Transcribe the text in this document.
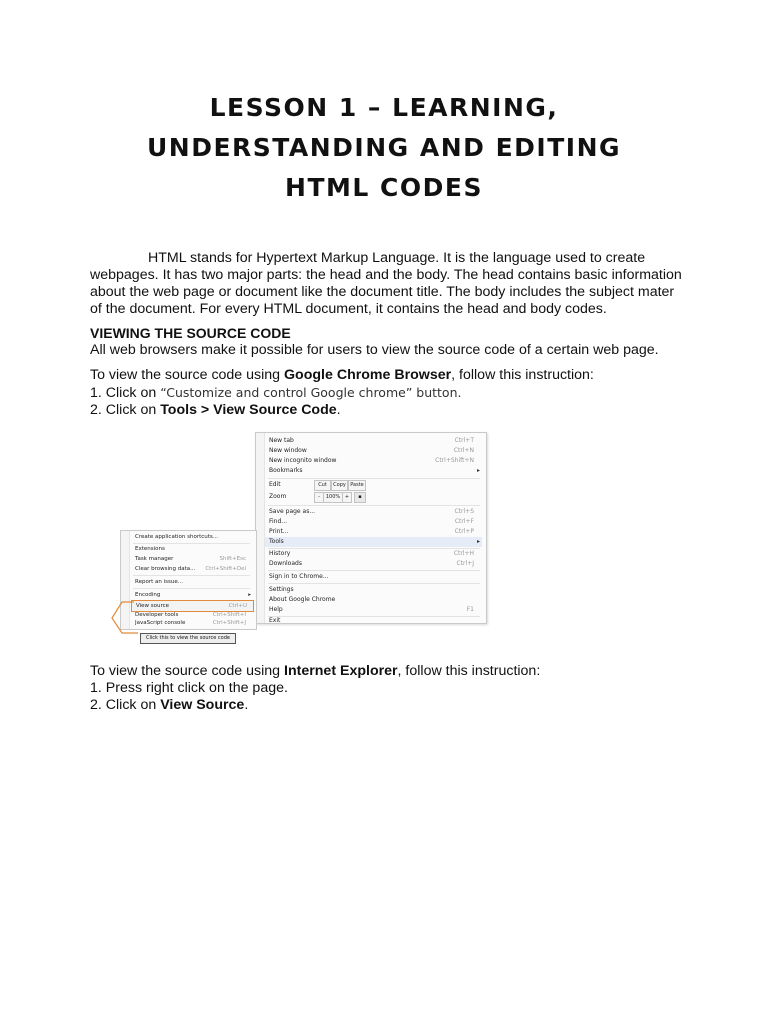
LESSON 1 – LEARNING,
UNDERSTANDING AND EDITING
HTML CODES
HTML stands for Hypertext Markup Language. It is the language used to create
webpages. It has two major parts: the head and the body. The head contains basic information
about the web page or document like the document title. The body includes the subject mater
of the document. For every HTML document, it contains the head and body codes.
VIEWING THE SOURCE CODE
All web browsers make it possible for users to view the source code of a certain web page.
To view the source code using Google Chrome Browser, follow this instruction:
1. Click on “Customize and control Google chrome” button.
2. Click on Tools > View Source Code.
New tab	Ctrl+T
New window	Ctrl+N
New incognito window	Ctrl+Shift+N
Bookmarks	▸
Edit	Cut	Copy Paste
Zoom	-	100% +	▪
Save page as...	Ctrl+S
Find...	Ctrl+F
Print...	Ctrl+P
Tools	▸
History	Ctrl+H
Downloads	Ctrl+J
Sign in to Chrome...
Settings
About Google Chrome
Help	F1
Exit
Create application shortcuts...
Extensions
Task manager	Shift+Esc
Clear browsing data... Ctrl+Shift+Del
Report an issue...
Encoding	▸
View source	Ctrl+U
Developer tools	Ctrl+Shift+I
JavaScript console	Ctrl+Shift+J
Click this to view the source code
To view the source code using Internet Explorer, follow this instruction:
1. Press right click on the page.
2. Click on View Source.
